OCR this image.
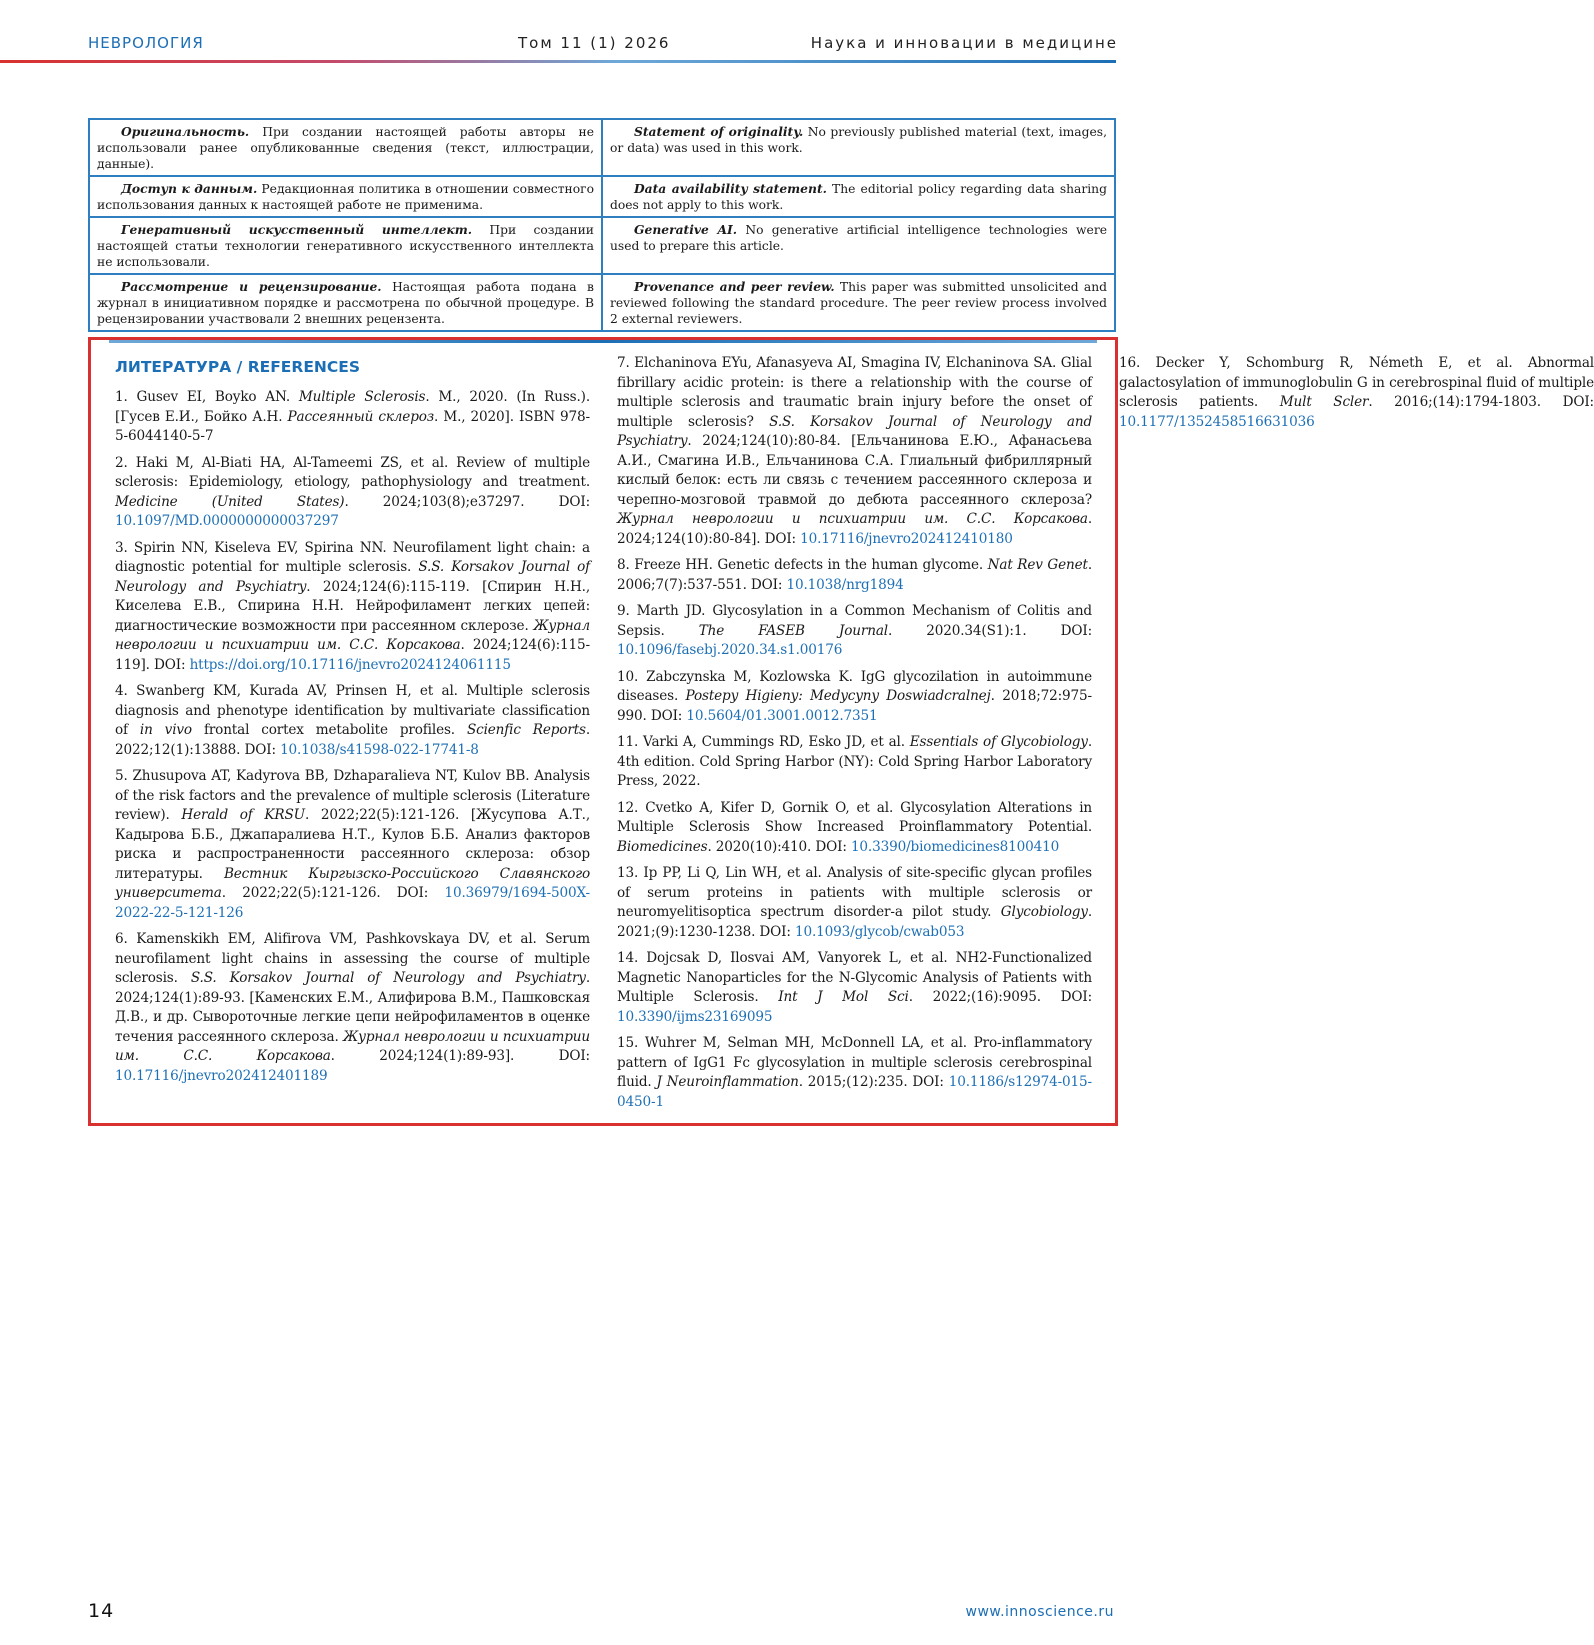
НЕВРОЛОГИЯ	Том 11 (1) 2026	Наука и инновации в медицине
Оригинальность. При создании настоящей работы авторы не использовали ранее опубликованные сведения (текст, иллюстрации, данные).	Statement of originality. No previously published material (text, images, or data) was used in this work.
Доступ к данным. Редакционная политика в отношении совместного использования данных к настоящей работе не применима.	Data availability statement. The editorial policy regarding data sharing does not apply to this work.
Генеративный искусственный интеллект. При создании настоящей статьи технологии генеративного искусственного интеллекта не использовали.	Generative AI. No generative artificial intelligence technologies were used to prepare this article.
Рассмотрение и рецензирование. Настоящая работа подана в журнал в инициативном порядке и рассмотрена по обычной процедуре. В рецензировании участвовали 2 внешних рецензента.	Provenance and peer review. This paper was submitted unsolicited and reviewed following the standard procedure. The peer review process involved 2 external reviewers.
ЛИТЕРАТУРА / REFERENCES

1. Gusev EI, Boyko AN. Multiple Sclerosis. M., 2020. (In Russ.). [Гусев Е.И., Бойко А.Н. Рассеянный склероз. М., 2020]. ISBN 978-5-6044140-5-7

2. Haki M, Al-Biati HA, Al-Tameemi ZS, et al. Review of multiple sclerosis: Epidemiology, etiology, pathophysiology and treatment. Medicine (United States). 2024;103(8);e37297. DOI: 10.1097/MD.0000000000037297

3. Spirin NN, Kiseleva EV, Spirina NN. Neurofilament light chain: a diagnostic potential for multiple sclerosis. S.S. Korsakov Journal of Neurology and Psychiatry. 2024;124(6):115-119. [Спирин Н.Н., Киселева Е.В., Спирина Н.Н. Нейрофиламент легких цепей: диагностические возможности при рассеянном склерозе. Журнал неврологии и психиатрии им. С.С. Корсакова. 2024;124(6):115-119]. DOI: https://doi.org/10.17116/jnevro2024124061115

4. Swanberg KM, Kurada AV, Prinsen H, et al. Multiple sclerosis diagnosis and phenotype identification by multivariate classification of in vivo frontal cortex metabolite profiles. Scienfic Reports. 2022;12(1):13888. DOI: 10.1038/s41598-022-17741-8

5. Zhusupova AT, Kadyrova BB, Dzhaparalieva NT, Kulov BB. Analysis of the risk factors and the prevalence of multiple sclerosis (Literature review). Herald of KRSU. 2022;22(5):121-126. [Жусупова А.Т., Кадырова Б.Б., Джапаралиева Н.Т., Кулов Б.Б. Анализ факторов риска и распространенности рассеянного склероза: обзор литературы. Вестник Кыргызско-Российского Славянского университета. 2022;22(5):121-126. DOI: 10.36979/1694-500X-2022-22-5-121-126

6. Kamenskikh EM, Alifirova VM, Pashkovskaya DV, et al. Serum neurofilament light chains in assessing the course of multiple sclerosis. S.S. Korsakov Journal of Neurology and Psychiatry. 2024;124(1):89-93. [Каменских Е.М., Алифирова В.М., Пашковская Д.В., и др. Сывороточные легкие цепи нейрофиламентов в оценке течения рассеянного склероза. Журнал неврологии и психиатрии им. С.С. Корсакова. 2024;124(1):89-93]. DOI: 10.17116/jnevro202412401189

7. Elchaninova EYu, Afanasyeva AI, Smagina IV, Elchaninova SA. Glial fibrillary acidic protein: is there a relationship with the course of multiple sclerosis and traumatic brain injury before the onset of multiple sclerosis? S.S. Korsakov Journal of Neurology and Psychiatry. 2024;124(10):80-84. [Ельчанинова Е.Ю., Афанасьева А.И., Смагина И.В., Ельчанинова С.А. Глиальный фибриллярный кислый белок: есть ли связь с течением рассеянного склероза и черепно-мозговой травмой до дебюта рассеянного склероза? Журнал неврологии и психиатрии им. С.С. Корсакова. 2024;124(10):80-84]. DOI: 10.17116/jnevro202412410180

8. Freeze HH. Genetic defects in the human glycome. Nat Rev Genet. 2006;7(7):537-551. DOI: 10.1038/nrg1894

9. Marth JD. Glycosylation in a Common Mechanism of Colitis and Sepsis. The FASEB Journal. 2020.34(S1):1. DOI: 10.1096/fasebj.2020.34.s1.00176

10. Zabczynska M, Kozlowska K. IgG glycozilation in autoimmune diseases. Postepy Higieny: Medycyny Doswiadcralnej. 2018;72:975-990. DOI: 10.5604/01.3001.0012.7351

11. Varki A, Cummings RD, Esko JD, et al. Essentials of Glycobiology. 4th edition. Cold Spring Harbor (NY): Cold Spring Harbor Laboratory Press, 2022.

12. Cvetko A, Kifer D, Gornik O, et al. Glycosylation Alterations in Multiple Sclerosis Show Increased Proinflammatory Potential. Biomedicines. 2020(10):410. DOI: 10.3390/biomedicines8100410

13. Ip PP, Li Q, Lin WH, et al. Analysis of site-specific glycan profiles of serum proteins in patients with multiple sclerosis or neuromyelitisoptica spectrum disorder-a pilot study. Glycobiology. 2021;(9):1230-1238. DOI: 10.1093/glycob/cwab053

14. Dojcsak D, Ilosvai AM, Vanyorek L, et al. NH2-Functionalized Magnetic Nanoparticles for the N-Glycomic Analysis of Patients with Multiple Sclerosis. Int J Mol Sci. 2022;(16):9095. DOI: 10.3390/ijms23169095

15. Wuhrer M, Selman MH, McDonnell LA, et al. Pro-inflammatory pattern of IgG1 Fc glycosylation in multiple sclerosis cerebrospinal fluid. J Neuroinflammation. 2015;(12):235. DOI: 10.1186/s12974-015-0450-1

16. Decker Y, Schomburg R, Németh E, et al. Abnormal galactosylation of immunoglobulin G in cerebrospinal fluid of multiple sclerosis patients. Mult Scler. 2016;(14):1794-1803. DOI: 10.1177/1352458516631036

14	www.innoscience.ru
